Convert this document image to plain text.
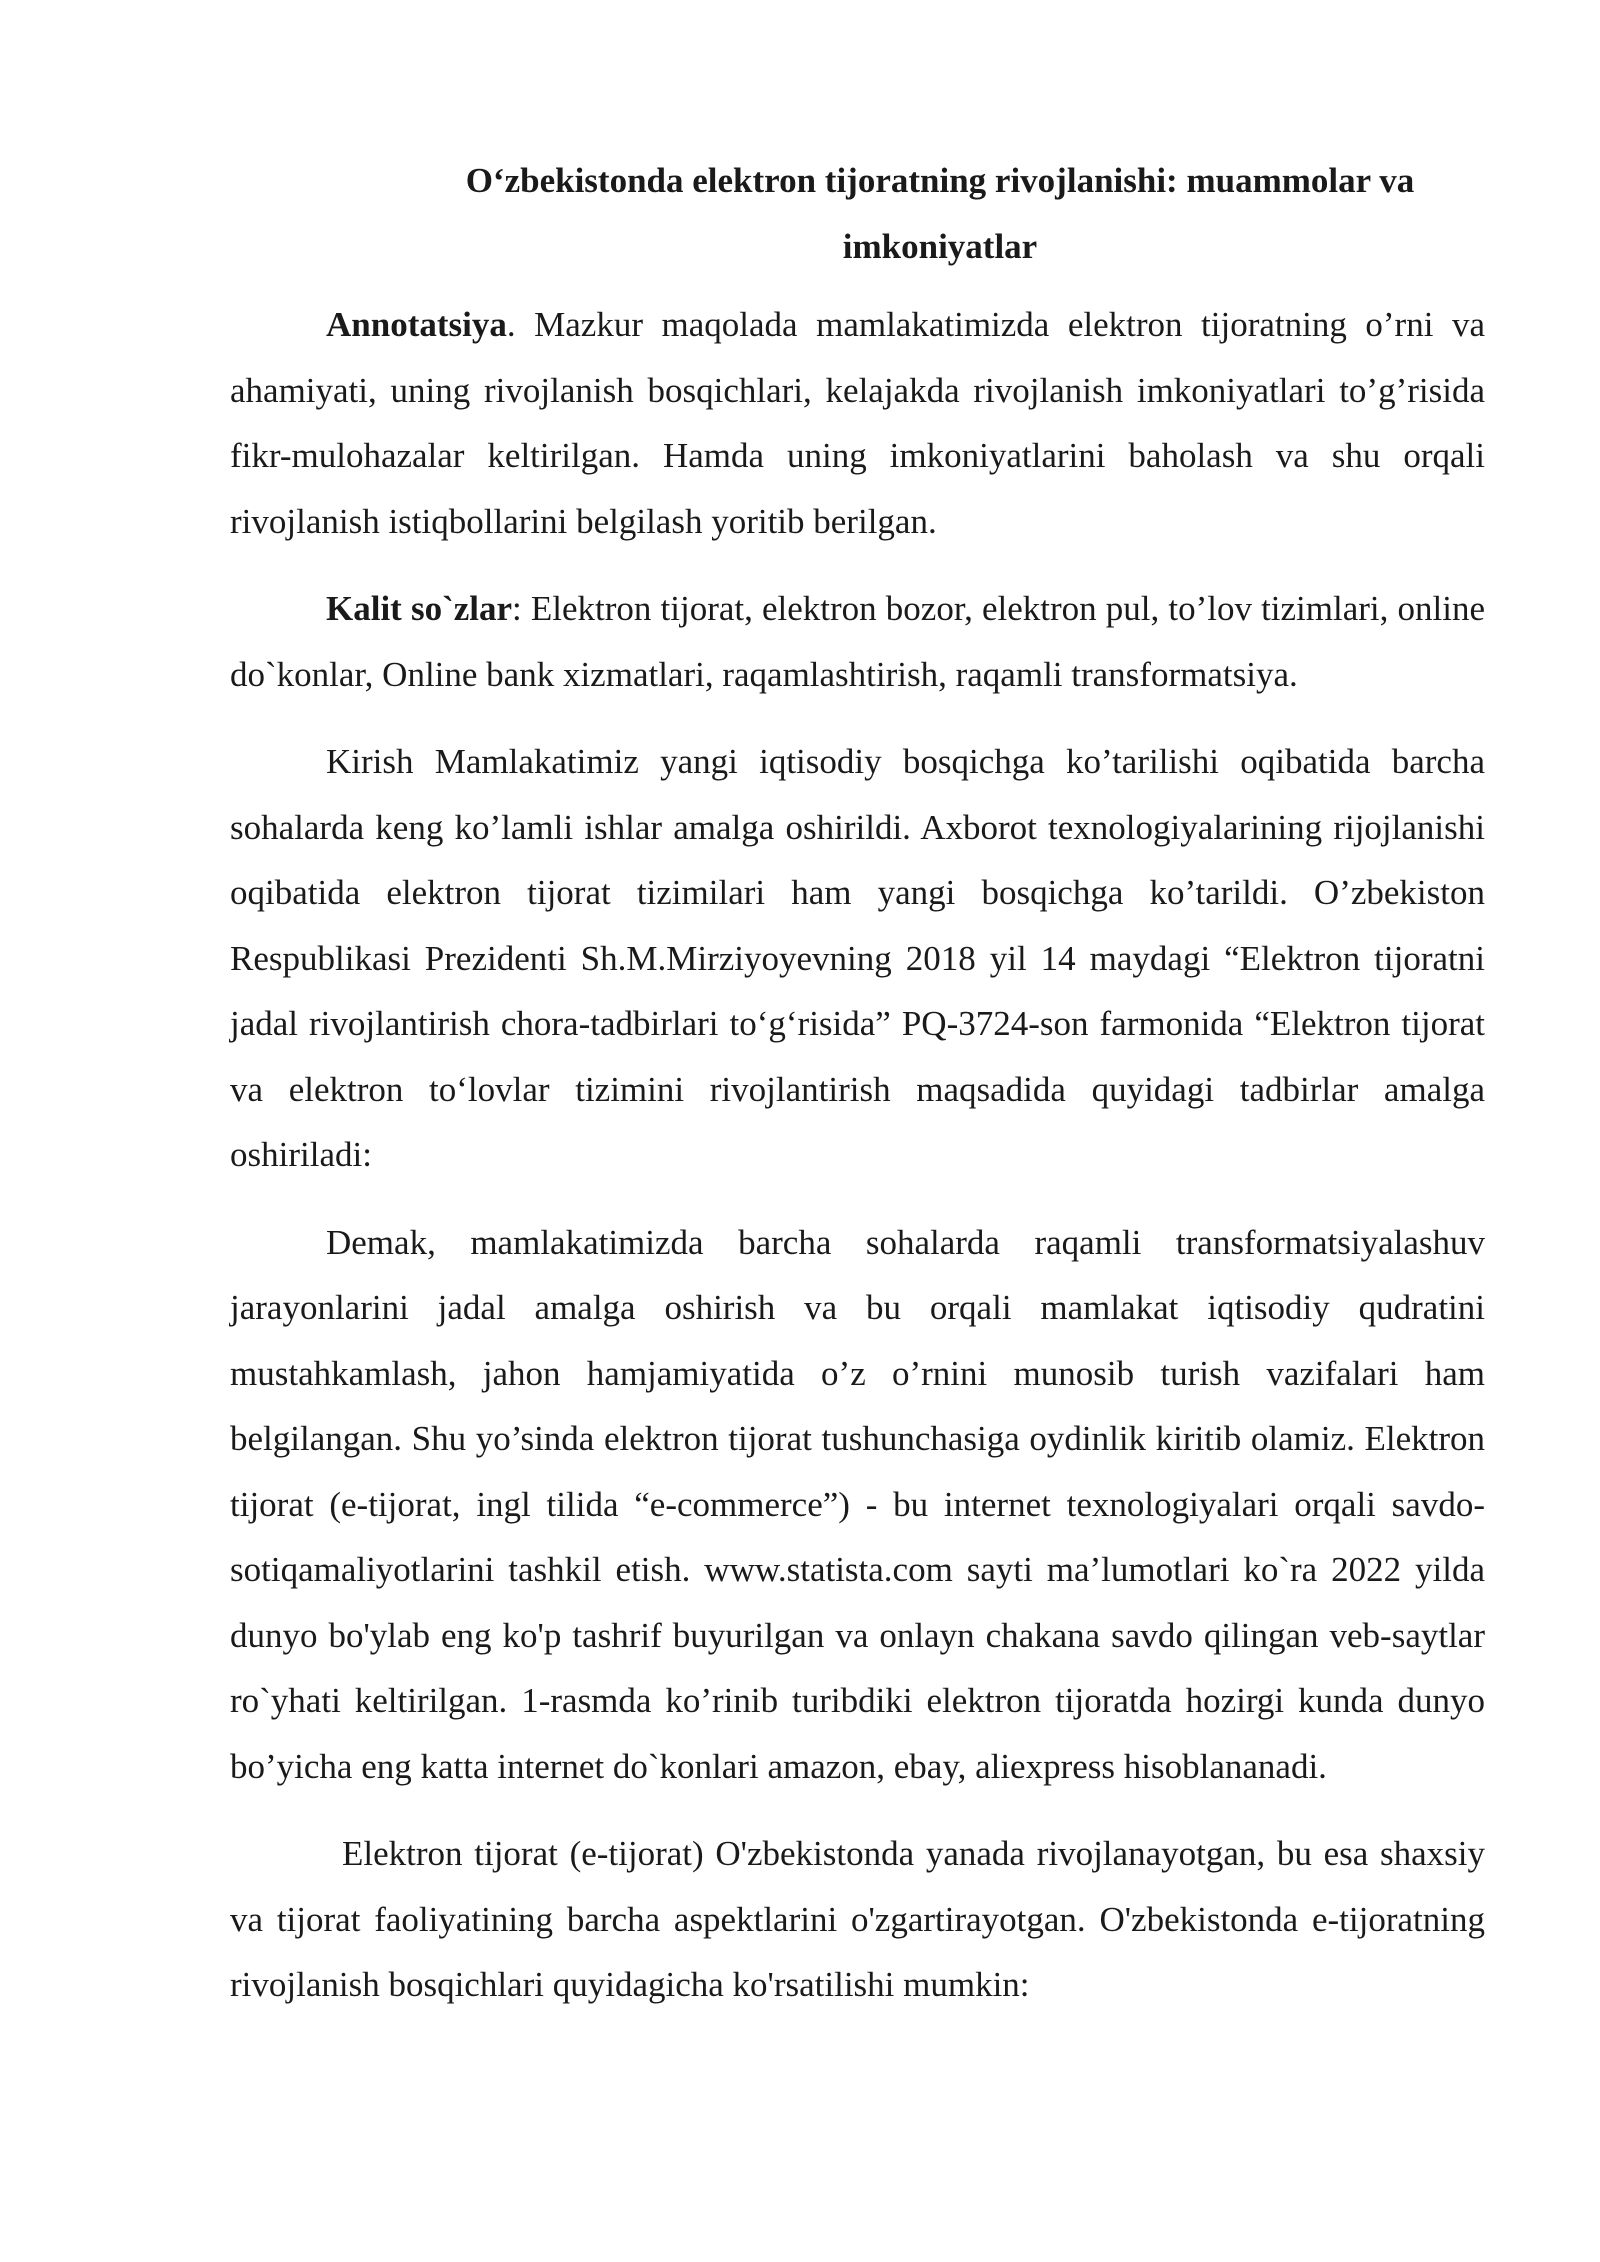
O‘zbekistonda elektron tijoratning rivojlanishi: muammolar va imkoniyatlar

Annotatsiya. Mazkur maqolada mamlakatimizda elektron tijoratning o’rni va ahamiyati, uning rivojlanish bosqichlari, kelajakda rivojlanish imkoniyatlari to’g’risida fikr-mulohazalar keltirilgan. Hamda uning imkoniyatlarini baholash va shu orqali rivojlanish istiqbollarini belgilash yoritib berilgan.

Kalit so`zlar: Elektron tijorat, elektron bozor, elektron pul, to’lov tizimlari, online do`konlar, Online bank xizmatlari, raqamlashtirish, raqamli transformatsiya.

Kirish Mamlakatimiz yangi iqtisodiy bosqichga ko’tarilishi oqibatida barcha sohalarda keng ko’lamli ishlar amalga oshirildi. Axborot texnologiyalarining rijojlanishi oqibatida elektron tijorat tizimilari ham yangi bosqichga ko’tarildi. O’zbekiston Respublikasi Prezidenti Sh.M.Mirziyoyevning 2018 yil 14 maydagi “Elektron tijoratni jadal rivojlantirish chora-tadbirlari to‘g‘risida” PQ-3724-son farmonida “Elektron tijorat va elektron to‘lovlar tizimini rivojlantirish maqsadida quyidagi tadbirlar amalga oshiriladi:

Demak, mamlakatimizda barcha sohalarda raqamli transformatsiyalashuv jarayonlarini jadal amalga oshirish va bu orqali mamlakat iqtisodiy qudratini mustahkamlash, jahon hamjamiyatida o’z o’rnini munosib turish vazifalari ham belgilangan. Shu yo’sinda elektron tijorat tushunchasiga oydinlik kiritib olamiz. Elektron tijorat (e-tijorat, ingl tilida “e-commerce”) - bu internet texnologiyalari orqali savdo-sotiqamaliyotlarini tashkil etish. www.statista.com sayti ma’lumotlari ko`ra 2022 yilda dunyo bo'ylab eng ko'p tashrif buyurilgan va onlayn chakana savdo qilingan veb-saytlar ro`yhati keltirilgan. 1-rasmda ko’rinib turibdiki elektron tijoratda hozirgi kunda dunyo bo’yicha eng katta internet do`konlari amazon, ebay, aliexpress hisoblananadi.

Elektron tijorat (e-tijorat) O'zbekistonda yanada rivojlanayotgan, bu esa shaxsiy va tijorat faoliyatining barcha aspektlarini o'zgartirayotgan. O'zbekistonda e-tijoratning rivojlanish bosqichlari quyidagicha ko'rsatilishi mumkin:
